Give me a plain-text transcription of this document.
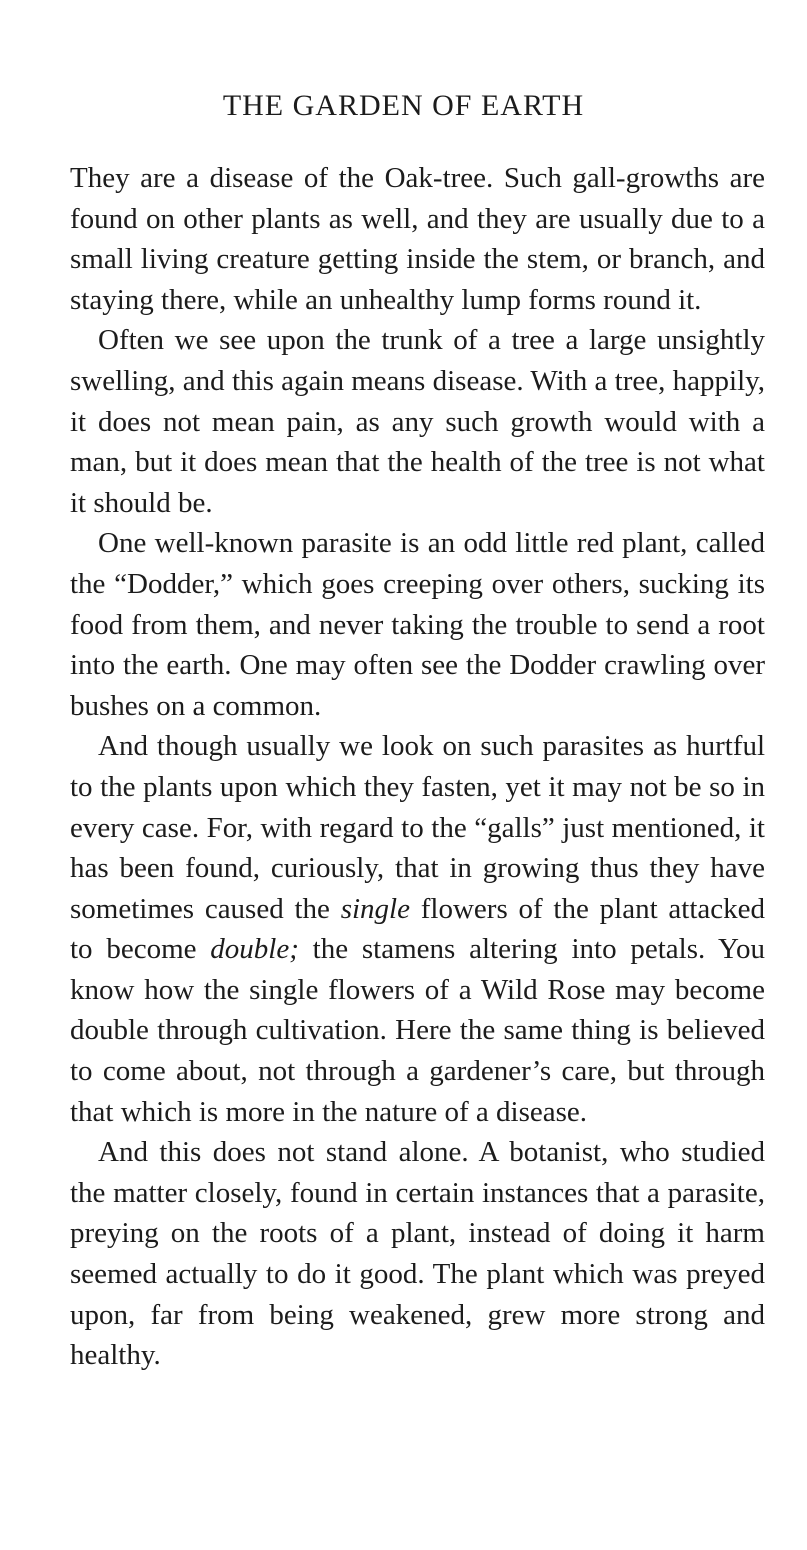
THE GARDEN OF EARTH

They are a disease of the Oak-tree. Such gall-growths are found on other plants as well, and they are usually due to a small living creature getting inside the stem, or branch, and staying there, while an unhealthy lump forms round it.

Often we see upon the trunk of a tree a large unsightly swelling, and this again means disease. With a tree, happily, it does not mean pain, as any such growth would with a man, but it does mean that the health of the tree is not what it should be.

One well-known parasite is an odd little red plant, called the “Dodder,” which goes creeping over others, sucking its food from them, and never taking the trouble to send a root into the earth. One may often see the Dodder crawling over bushes on a common.

And though usually we look on such parasites as hurtful to the plants upon which they fasten, yet it may not be so in every case. For, with regard to the “galls” just mentioned, it has been found, curiously, that in growing thus they have sometimes caused the single flowers of the plant attacked to become double; the stamens altering into petals. You know how the single flowers of a Wild Rose may become double through cultivation. Here the same thing is believed to come about, not through a gardener’s care, but through that which is more in the nature of a disease.

And this does not stand alone. A botanist, who studied the matter closely, found in certain instances that a parasite, preying on the roots of a plant, instead of doing it harm seemed actually to do it good. The plant which was preyed upon, far from being weakened, grew more strong and healthy.
